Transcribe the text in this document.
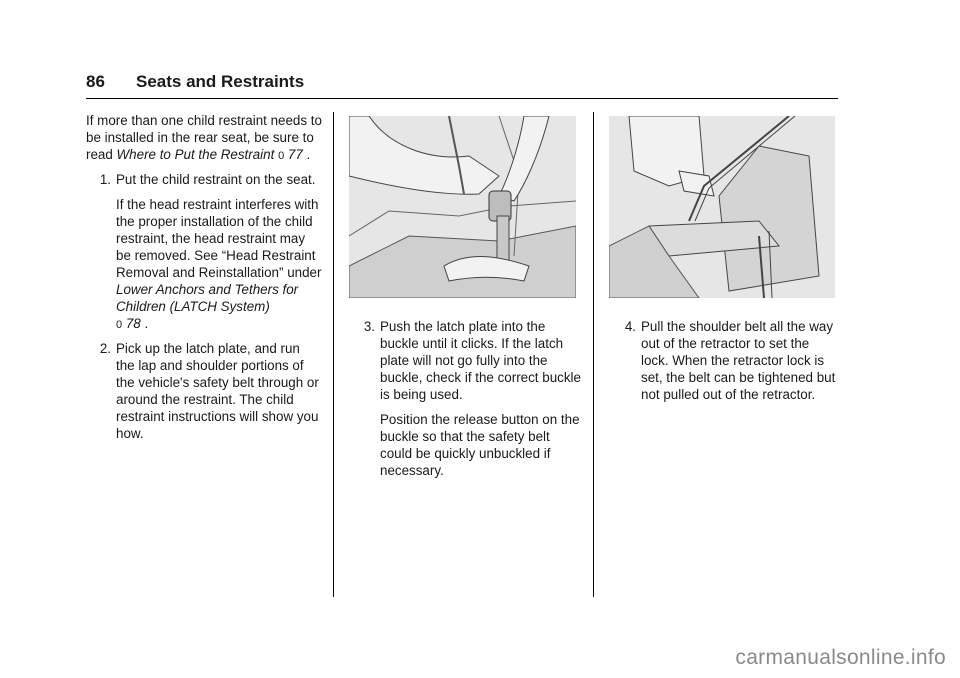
86 Seats and Restraints

If more than one child restraint needs to be installed in the rear seat, be sure to read Where to Put the Restraint 0 77 .

1. Put the child restraint on the seat.
If the head restraint interferes with the proper installation of the child restraint, the head restraint may be removed. See “Head Restraint Removal and Reinstallation” under Lower Anchors and Tethers for Children (LATCH System)
0 78 .
2. Pick up the latch plate, and run the lap and shoulder portions of the vehicle's safety belt through or around the restraint. The child restraint instructions will show you how.
3. Push the latch plate into the buckle until it clicks. If the latch plate will not go fully into the buckle, check if the correct buckle is being used.
Position the release button on the buckle so that the safety belt could be quickly unbuckled if necessary.
4. Pull the shoulder belt all the way out of the retractor to set the lock. When the retractor lock is set, the belt can be tightened but not pulled out of the retractor.
carmanualsonline.info
